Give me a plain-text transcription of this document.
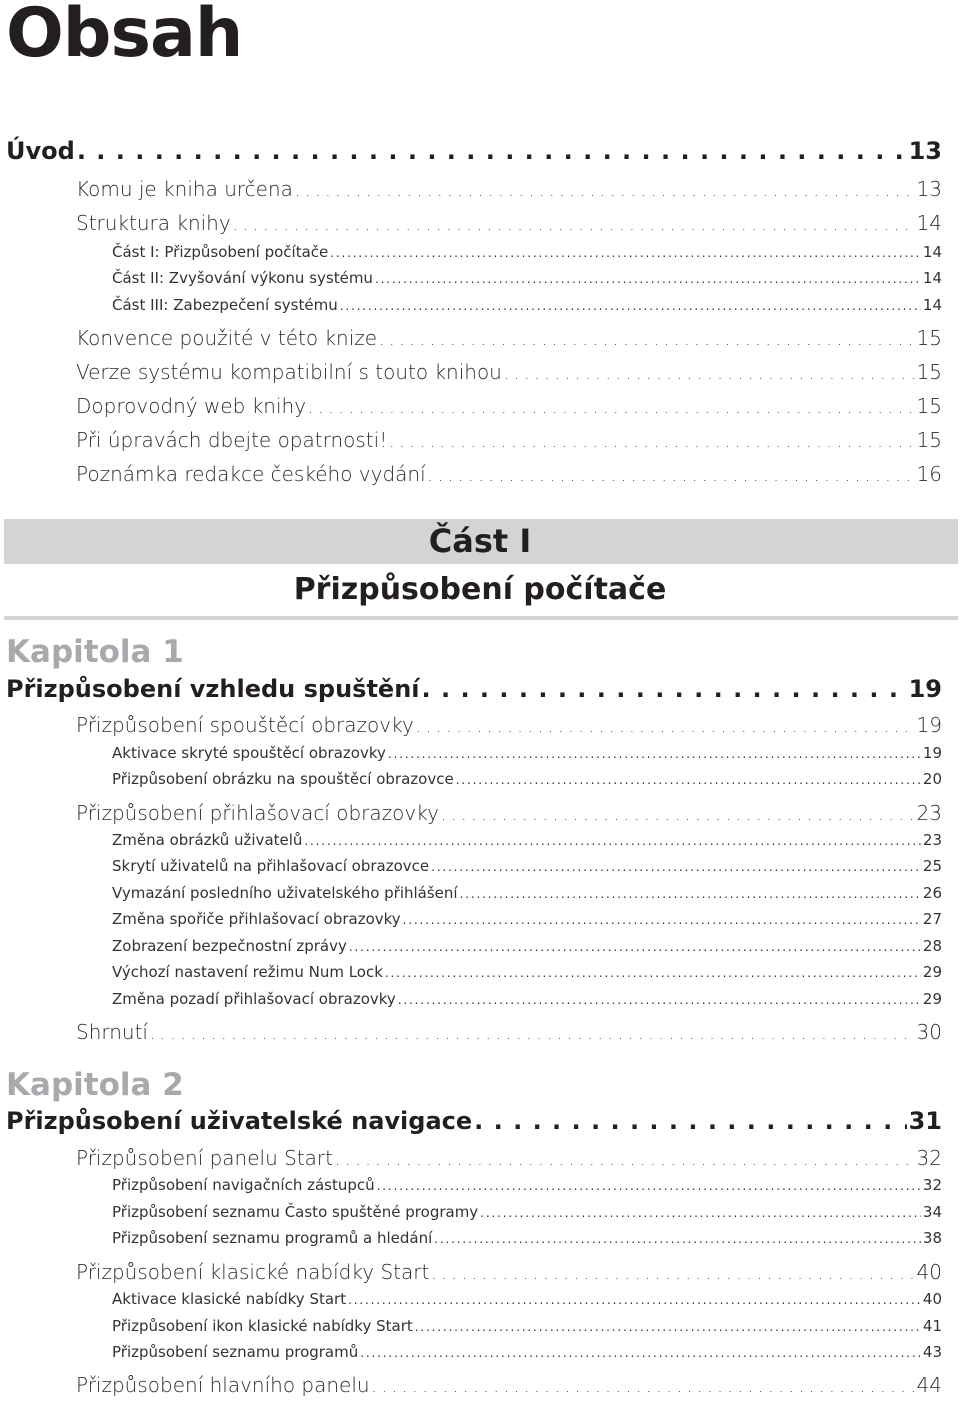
Obsah
Úvod . . .	13
Komu je kniha určena . . .	13
Struktura knihy . . .	14
Část I: Přizpůsobení počítače . . .	14
Část II: Zvyšování výkonu systému . . .	14
Část III: Zabezpečení systému . . .	14
Konvence použité v této knize . . .	15
Verze systému kompatibilní s touto knihou . . .	15
Doprovodný web knihy . . .	15
Při úpravách dbejte opatrnosti! . . .	15
Poznámka redakce českého vydání . . .	16
Část I
Přizpůsobení počítače
Kapitola 1
Přizpůsobení vzhledu spuštění . . .	19
Přizpůsobení spouštěcí obrazovky . . .	19
Aktivace skryté spouštěcí obrazovky . . .	19
Přizpůsobení obrázku na spouštěcí obrazovce . . .	20
Přizpůsobení přihlašovací obrazovky . . .	23
Změna obrázků uživatelů . . .	23
Skrytí uživatelů na přihlašovací obrazovce . . .	25
Vymazání posledního uživatelského přihlášení . . .	26
Změna spořiče přihlašovací obrazovky . . .	27
Zobrazení bezpečnostní zprávy . . .	28
Výchozí nastavení režimu Num Lock . . .	29
Změna pozadí přihlašovací obrazovky . . .	29
Shrnutí . . .	30
Kapitola 2
Přizpůsobení uživatelské navigace . . .	31
Přizpůsobení panelu Start . . .	32
Přizpůsobení navigačních zástupců . . .	32
Přizpůsobení seznamu Často spuštěné programy . . .	34
Přizpůsobení seznamu programů a hledání . . .	38
Přizpůsobení klasické nabídky Start . . .	40
Aktivace klasické nabídky Start . . .	40
Přizpůsobení ikon klasické nabídky Start . . .	41
Přizpůsobení seznamu programů . . .	43
Přizpůsobení hlavního panelu . . .	44
